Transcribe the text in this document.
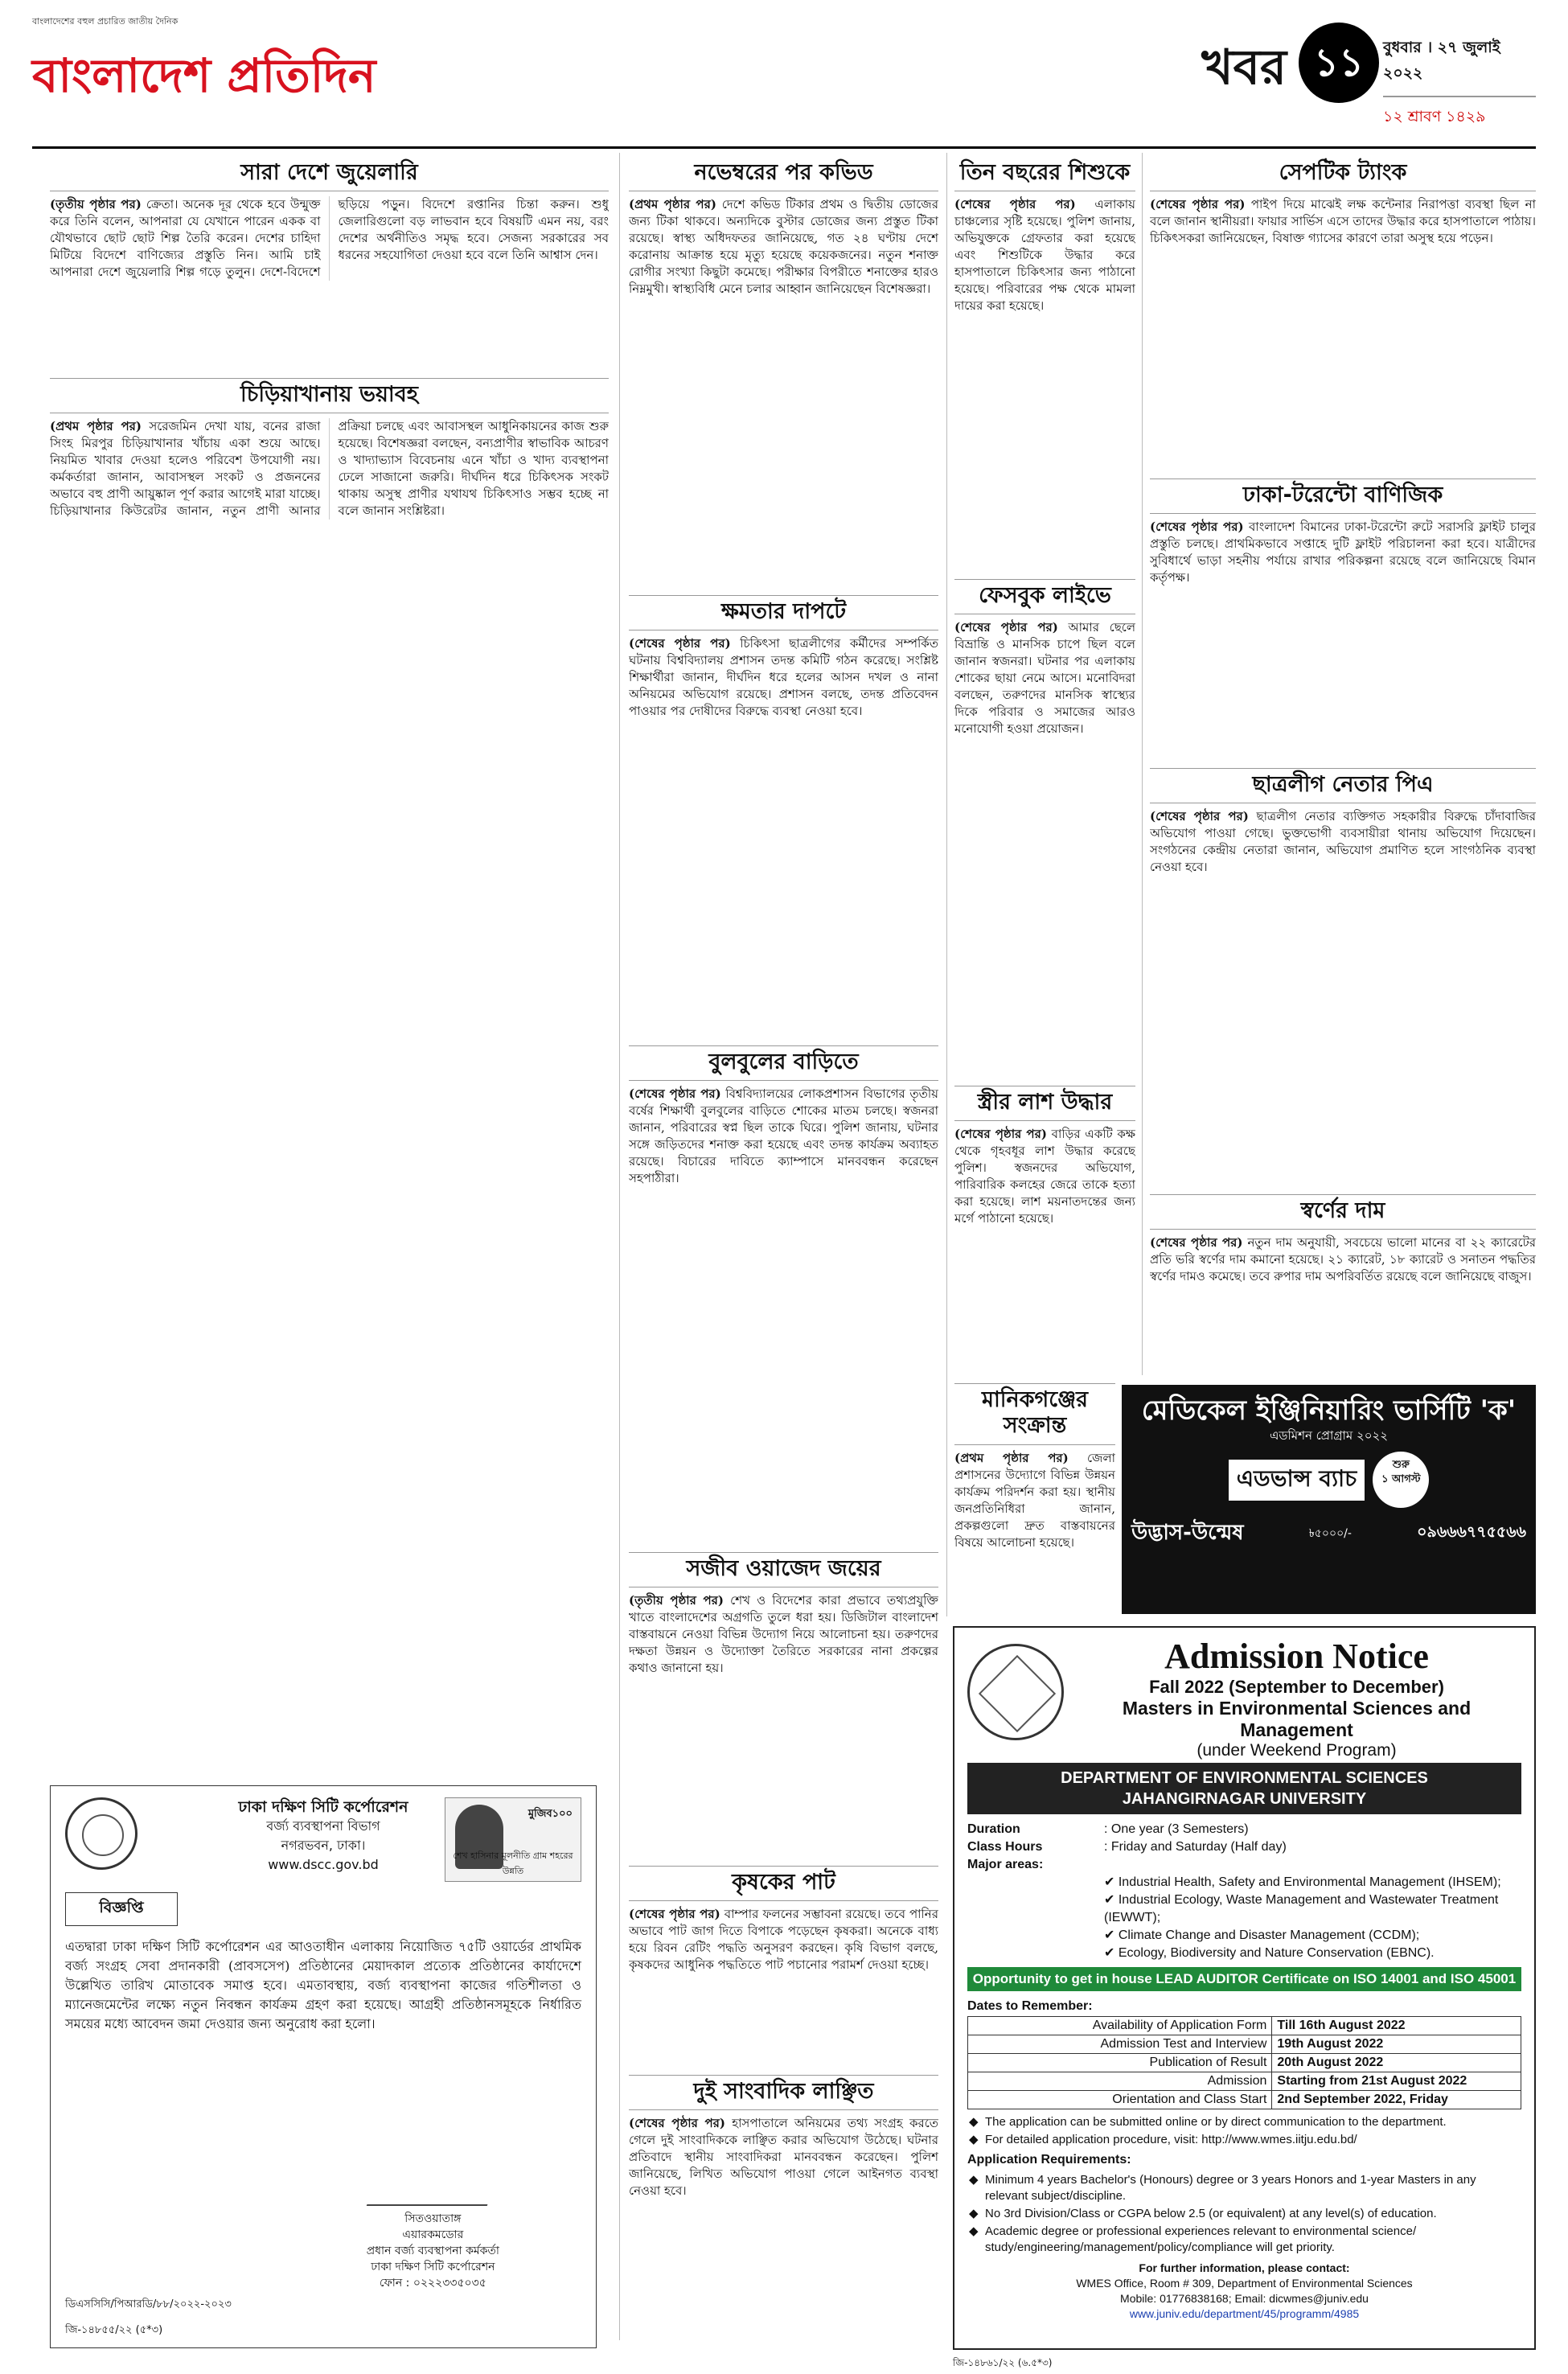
বাংলাদেশের বহুল প্রচারিত জাতীয় দৈনিক
বাংলাদেশ প্রতিদিন	খবর ১১	বুধবার । ২৭ জুলাই ২০২২
১২ শ্রাবণ ১৪২৯
সারা দেশে জুয়েলারি
(তৃতীয় পৃষ্ঠার পর) ক্রেতা। অনেক দূর থেকে হবে উন্মুক্ত করে তিনি বলেন, আপনারা যে যেখানে পারেন একক বা যৌথভাবে ছোট ছোট শিল্প তৈরি করেন। দেশের চাহিদা মিটিয়ে বিদেশে বাণিজ্যের প্রস্তুতি নিন। আমি চাই আপনারা দেশে জুয়েলারি শিল্প গড়ে তুলুন। দেশে-বিদেশে ছড়িয়ে পড়ুন। বিদেশে রপ্তানির চিন্তা করুন। শুধু জেলারিগুলো বড় লাভবান হবে বিষয়টি এমন নয়, বরং দেশের অর্থনীতিও সমৃদ্ধ হবে। সেজন্য সরকারের সব ধরনের সহযোগিতা দেওয়া হবে বলে তিনি আশ্বাস দেন।
চিড়িয়াখানায় ভয়াবহ
(প্রথম পৃষ্ঠার পর) সরেজমিন দেখা যায়, বনের রাজা সিংহ মিরপুর চিড়িয়াখানার খাঁচায় একা শুয়ে আছে। নিয়মিত খাবার দেওয়া হলেও পরিবেশ উপযোগী নয়। কর্মকর্তারা জানান, আবাসস্থল সংকট ও প্রজননের অভাবে বহু প্রাণী আয়ুষ্কাল পূর্ণ করার আগেই মারা যাচ্ছে। চিড়িয়াখানার কিউরেটর জানান, নতুন প্রাণী আনার প্রক্রিয়া চলছে এবং আবাসস্থল আধুনিকায়নের কাজ শুরু হয়েছে। বিশেষজ্ঞরা বলছেন, বন্যপ্রাণীর স্বাভাবিক আচরণ ও খাদ্যাভ্যাস বিবেচনায় এনে খাঁচা ও খাদ্য ব্যবস্থাপনা ঢেলে সাজানো জরুরি। দীর্ঘদিন ধরে চিকিৎসক সংকট থাকায় অসুস্থ প্রাণীর যথাযথ চিকিৎসাও সম্ভব হচ্ছে না বলে জানান সংশ্লিষ্টরা।
ঢাকা দক্ষিণ সিটি কর্পোরেশন
বর্জ্য ব্যবস্থাপনা বিভাগ
নগরভবন, ঢাকা।
www.dscc.gov.bd
মুজিব১০০
শেখ হাসিনার মূলনীতি গ্রাম শহরের উন্নতি
বিজ্ঞপ্তি

এতদ্বারা ঢাকা দক্ষিণ সিটি কর্পোরেশন এর আওতাধীন এলাকায় নিয়োজিত ৭৫টি ওয়ার্ডের প্রাথমিক বর্জ্য সংগ্রহ সেবা প্রদানকারী (প্রাবসসেপ) প্রতিষ্ঠানের মেয়াদকাল প্রত্যেক প্রতিষ্ঠানের কার্যাদেশে উল্লেখিত তারিখ মোতাবেক সমাপ্ত হবে। এমতাবস্থায়, বর্জ্য ব্যবস্থাপনা কাজের গতিশীলতা ও ম্যানেজমেন্টের লক্ষ্যে নতুন নিবন্ধন কার্যক্রম গ্রহণ করা হয়েছে। আগ্রহী প্রতিষ্ঠানসমূহকে নির্ধারিত সময়ের মধ্যে আবেদন জমা দেওয়ার জন্য অনুরোধ করা হলো।

সিতওয়াতাঙ্গ
এয়ারকমডোর
প্রধান বর্জ্য ব্যবস্থাপনা কর্মকর্তা
ঢাকা দক্ষিণ সিটি কর্পোরেশন
ফোন : ০২২২৩৩৫০৩৫
ডিএসসিসি/পিআরডি/৮৮/২০২২-২০২৩
জি-১৪৮৫৫/২২ (৫*৩)
নভেম্বরের পর কভিড
(প্রথম পৃষ্ঠার পর) দেশে কভিড টিকার প্রথম ও দ্বিতীয় ডোজের জন্য টিকা থাকবে। অন্যদিকে বুস্টার ডোজের জন্য প্রস্তুত টিকা রয়েছে। স্বাস্থ্য অধিদফতর জানিয়েছে, গত ২৪ ঘণ্টায় দেশে করোনায় আক্রান্ত হয়ে মৃত্যু হয়েছে কয়েকজনের। নতুন শনাক্ত রোগীর সংখ্যা কিছুটা কমেছে। পরীক্ষার বিপরীতে শনাক্তের হারও নিম্নমুখী। স্বাস্থ্যবিধি মেনে চলার আহ্বান জানিয়েছেন বিশেষজ্ঞরা।
ক্ষমতার দাপটে
(শেষের পৃষ্ঠার পর) চিকিৎসা ছাত্রলীগের কর্মীদের সম্পর্কিত ঘটনায় বিশ্ববিদ্যালয় প্রশাসন তদন্ত কমিটি গঠন করেছে। সংশ্লিষ্ট শিক্ষার্থীরা জানান, দীর্ঘদিন ধরে হলের আসন দখল ও নানা অনিয়মের অভিযোগ রয়েছে। প্রশাসন বলছে, তদন্ত প্রতিবেদন পাওয়ার পর দোষীদের বিরুদ্ধে ব্যবস্থা নেওয়া হবে।
বুলবুলের বাড়িতে
(শেষের পৃষ্ঠার পর) বিশ্ববিদ্যালয়ের লোকপ্রশাসন বিভাগের তৃতীয় বর্ষের শিক্ষার্থী বুলবুলের বাড়িতে শোকের মাতম চলছে। স্বজনরা জানান, পরিবারের স্বপ্ন ছিল তাকে ঘিরে। পুলিশ জানায়, ঘটনার সঙ্গে জড়িতদের শনাক্ত করা হয়েছে এবং তদন্ত কার্যক্রম অব্যাহত রয়েছে। বিচারের দাবিতে ক্যাম্পাসে মানববন্ধন করেছেন সহপাঠীরা।
সজীব ওয়াজেদ জয়ের
(তৃতীয় পৃষ্ঠার পর) শেখ ও বিদেশের কারা প্রভাবে তথ্যপ্রযুক্তি খাতে বাংলাদেশের অগ্রগতি তুলে ধরা হয়। ডিজিটাল বাংলাদেশ বাস্তবায়নে নেওয়া বিভিন্ন উদ্যোগ নিয়ে আলোচনা হয়। তরুণদের দক্ষতা উন্নয়ন ও উদ্যোক্তা তৈরিতে সরকারের নানা প্রকল্পের কথাও জানানো হয়।
কৃষকের পাট
(শেষের পৃষ্ঠার পর) বাম্পার ফলনের সম্ভাবনা রয়েছে। তবে পানির অভাবে পাট জাগ দিতে বিপাকে পড়েছেন কৃষকরা। অনেকে বাধ্য হয়ে রিবন রেটিং পদ্ধতি অনুসরণ করছেন। কৃষি বিভাগ বলছে, কৃষকদের আধুনিক পদ্ধতিতে পাট পচানোর পরামর্শ দেওয়া হচ্ছে।
দুই সাংবাদিক লাঞ্ছিত
(শেষের পৃষ্ঠার পর) হাসপাতালে অনিয়মের তথ্য সংগ্রহ করতে গেলে দুই সাংবাদিককে লাঞ্ছিত করার অভিযোগ উঠেছে। ঘটনার প্রতিবাদে স্থানীয় সাংবাদিকরা মানববন্ধন করেছেন। পুলিশ জানিয়েছে, লিখিত অভিযোগ পাওয়া গেলে আইনগত ব্যবস্থা নেওয়া হবে।
তিন বছরের শিশুকে
(শেষের পৃষ্ঠার পর) এলাকায় চাঞ্চল্যের সৃষ্টি হয়েছে। পুলিশ জানায়, অভিযুক্তকে গ্রেফতার করা হয়েছে এবং শিশুটিকে উদ্ধার করে হাসপাতালে চিকিৎসার জন্য পাঠানো হয়েছে। পরিবারের পক্ষ থেকে মামলা দায়ের করা হয়েছে।
ফেসবুক লাইভে
(শেষের পৃষ্ঠার পর) আমার ছেলে বিভ্রান্তি ও মানসিক চাপে ছিল বলে জানান স্বজনরা। ঘটনার পর এলাকায় শোকের ছায়া নেমে আসে। মনোবিদরা বলছেন, তরুণদের মানসিক স্বাস্থ্যের দিকে পরিবার ও সমাজের আরও মনোযোগী হওয়া প্রয়োজন।
স্ত্রীর লাশ উদ্ধার
(শেষের পৃষ্ঠার পর) বাড়ির একটি কক্ষ থেকে গৃহবধূর লাশ উদ্ধার করেছে পুলিশ। স্বজনদের অভিযোগ, পারিবারিক কলহের জেরে তাকে হত্যা করা হয়েছে। লাশ ময়নাতদন্তের জন্য মর্গে পাঠানো হয়েছে।
মানিকগঞ্জের সংক্রান্ত
(প্রথম পৃষ্ঠার পর) জেলা প্রশাসনের উদ্যোগে বিভিন্ন উন্নয়ন কার্যক্রম পরিদর্শন করা হয়। স্থানীয় জনপ্রতিনিধিরা জানান, প্রকল্পগুলো দ্রুত বাস্তবায়নের বিষয়ে আলোচনা হয়েছে।
সেপটিক ট্যাংক
(শেষের পৃষ্ঠার পর) পাইপ দিয়ে মাঝেই লক্ষ কন্টেনার নিরাপত্তা ব্যবস্থা ছিল না বলে জানান স্থানীয়রা। ফায়ার সার্ভিস এসে তাদের উদ্ধার করে হাসপাতালে পাঠায়। চিকিৎসকরা জানিয়েছেন, বিষাক্ত গ্যাসের কারণে তারা অসুস্থ হয়ে পড়েন।
ঢাকা-টরেন্টো বাণিজিক
(শেষের পৃষ্ঠার পর) বাংলাদেশ বিমানের ঢাকা-টরেন্টো রুটে সরাসরি ফ্লাইট চালুর প্রস্তুতি চলছে। প্রাথমিকভাবে সপ্তাহে দুটি ফ্লাইট পরিচালনা করা হবে। যাত্রীদের সুবিধার্থে ভাড়া সহনীয় পর্যায়ে রাখার পরিকল্পনা রয়েছে বলে জানিয়েছে বিমান কর্তৃপক্ষ।
ছাত্রলীগ নেতার পিএ
(শেষের পৃষ্ঠার পর) ছাত্রলীগ নেতার ব্যক্তিগত সহকারীর বিরুদ্ধে চাঁদাবাজির অভিযোগ পাওয়া গেছে। ভুক্তভোগী ব্যবসায়ীরা থানায় অভিযোগ দিয়েছেন। সংগঠনের কেন্দ্রীয় নেতারা জানান, অভিযোগ প্রমাণিত হলে সাংগঠনিক ব্যবস্থা নেওয়া হবে।
স্বর্ণের দাম
(শেষের পৃষ্ঠার পর) নতুন দাম অনুযায়ী, সবচেয়ে ভালো মানের বা ২২ ক্যারেটের প্রতি ভরি স্বর্ণের দাম কমানো হয়েছে। ২১ ক্যারেট, ১৮ ক্যারেট ও সনাতন পদ্ধতির স্বর্ণের দামও কমেছে। তবে রুপার দাম অপরিবর্তিত রয়েছে বলে জানিয়েছে বাজুস।
মেডিকেল ইঞ্জিনিয়ারিং ভার্সিটি 'ক'
এডমিশন প্রোগ্রাম ২০২২
এডভান্স ব্যাচ	শুরু
১ আগস্ট
উদ্ভাস-উন্মেষ	৳৫০০০/-	০৯৬৬৬৭৭৫৫৬৬
Admission Notice
Fall 2022 (September to December)
Masters in Environmental Sciences and Management
(under Weekend Program)
DEPARTMENT OF ENVIRONMENTAL SCIENCES
JAHANGIRNAGAR UNIVERSITY
Duration	: One year (3 Semesters)
Class Hours	: Friday and Saturday (Half day)
Major areas:
✔ Industrial Health, Safety and Environmental Management (IHSEM);
✔ Industrial Ecology, Waste Management and Wastewater Treatment (IEWWT);
✔ Climate Change and Disaster Management (CCDM);
✔ Ecology, Biodiversity and Nature Conservation (EBNC).
Opportunity to get in house LEAD AUDITOR Certificate on ISO 14001 and ISO 45001
Dates to Remember:
Availability of Application Form	Till 16th August 2022
Admission Test and Interview	19th August 2022
Publication of Result	20th August 2022
Admission	Starting from 21st August 2022
Orientation and Class Start	2nd September 2022, Friday
◆ The application can be submitted online or by direct communication to the department.
◆ For detailed application procedure, visit: http://www.wmes.iitju.edu.bd/
Application Requirements:
◆ Minimum 4 years Bachelor's (Honours) degree or 3 years Honors and 1-year Masters in any relevant subject/discipline.
◆ No 3rd Division/Class or CGPA below 2.5 (or equivalent) at any level(s) of education.
◆ Academic degree or professional experiences relevant to environmental science/ study/engineering/management/policy/compliance will get priority.
For further information, please contact:
WMES Office, Room # 309, Department of Environmental Sciences
Mobile: 01776838168; Email: dicwmes@juniv.edu
www.juniv.edu/department/45/programm/4985
জি-১৪৮৬১/২২ (৬.৫*৩)
